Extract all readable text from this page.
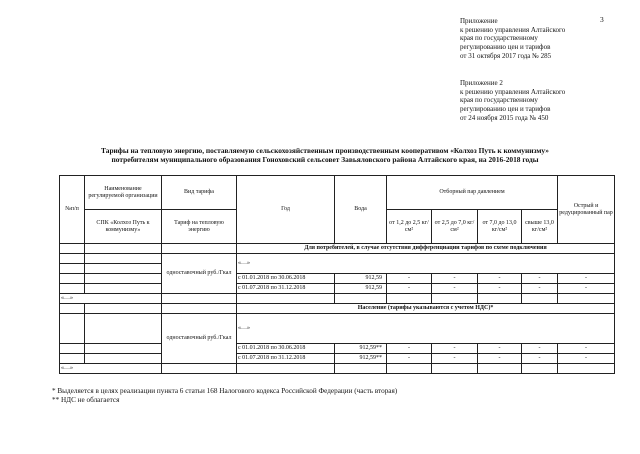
3
Приложение
к решению управления Алтайского
края по государственному
регулированию цен и тарифов
от 31 октября 2017 года № 285
Приложение 2
к решению управления Алтайского
края по государственному
регулированию цен и тарифов
от 24 ноября 2015 года № 450
Тарифы на тепловую энергию, поставляемую сельскохозяйственным производственным кооперативом «Колхоз Путь к коммунизму»
потребителям муниципального образования Гоноховский сельсовет Завьяловского района Алтайского края, на 2016-2018 годы
№п/п	Наименование регулируемой организации	Вид тарифа	Год	Вода	Отборный пар давлением				Острый и редуцированный пар
	СПК «Колхоз Путь к коммунизму»	Тариф на тепловую энергию			от 1,2 до 2,5 кг/см²	от 2,5 до 7,0 кг/см²	от 7,0 до 13,0 кг/см²	свыше 13,0 кг/см²	
			Для потребителей, в случае отсутствия дифференциации тарифов по схеме подключения						
		одноставочный руб./Гкал	«…»						

			с 01.01.2018 по 30.06.2018	912,59	-	-	-	-	-
			с 01.07.2018 по 31.12.2018	912,59	-	-	-	-	-
«…»									
			Население (тарифы указываются с учетом НДС)*						
		одноставочный руб./Гкал	«…»						
			с 01.01.2018 по 30.06.2018	912,59**	-	-	-	-	-
			с 01.07.2018 по 31.12.2018	912,59**	-	-	-	-	-
«…»									
* Выделяется в целях реализации пункта 6 статьи 168 Налогового кодекса Российской Федерации (часть вторая)
** НДС не облагается
